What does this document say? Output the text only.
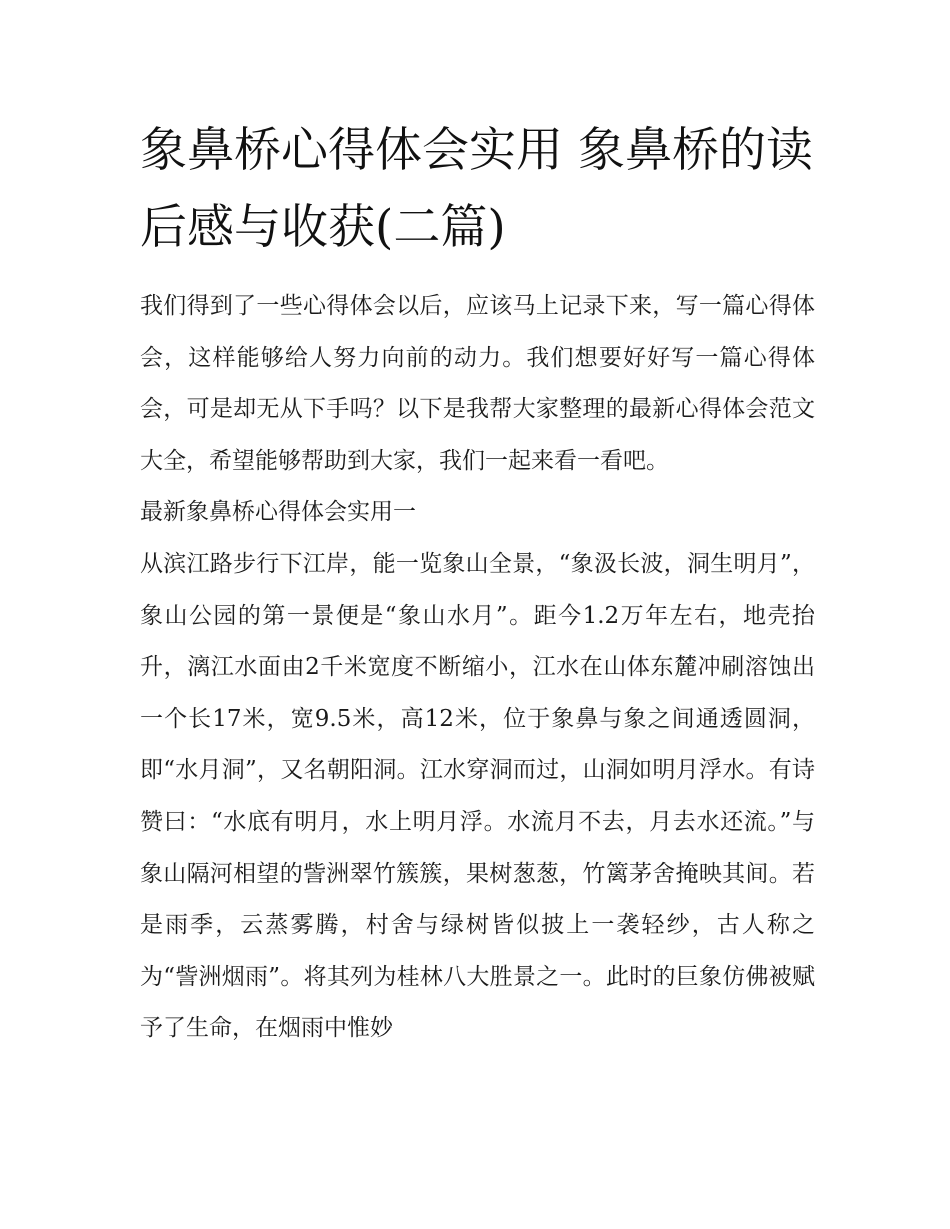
象鼻桥心得体会实用 象鼻桥的读后感与收获(二篇)

我们得到了一些心得体会以后，应该马上记录下来，写一篇心得体会，这样能够给人努力向前的动力。我们想要好好写一篇心得体会，可是却无从下手吗？以下是我帮大家整理的最新心得体会范文大全，希望能够帮助到大家，我们一起来看一看吧。

最新象鼻桥心得体会实用一

从滨江路步行下江岸，能一览象山全景，“象汲长波，洞生明月”，象山公园的第一景便是“象山水月”。距今1.2万年左右，地壳抬升，漓江水面由2千米宽度不断缩小，江水在山体东麓冲刷溶蚀出一个长17米，宽9.5米，高12米，位于象鼻与象之间通透圆洞，即“水月洞”，又名朝阳洞。江水穿洞而过，山洞如明月浮水。有诗赞曰：“水底有明月，水上明月浮。水流月不去，月去水还流。”与象山隔河相望的訾洲翠竹簇簇，果树葱葱，竹篱茅舍掩映其间。若是雨季，云蒸雾腾，村舍与绿树皆似披上一袭轻纱，古人称之为“訾洲烟雨”。将其列为桂林八大胜景之一。此时的巨象仿佛被赋予了生命，在烟雨中惟妙
